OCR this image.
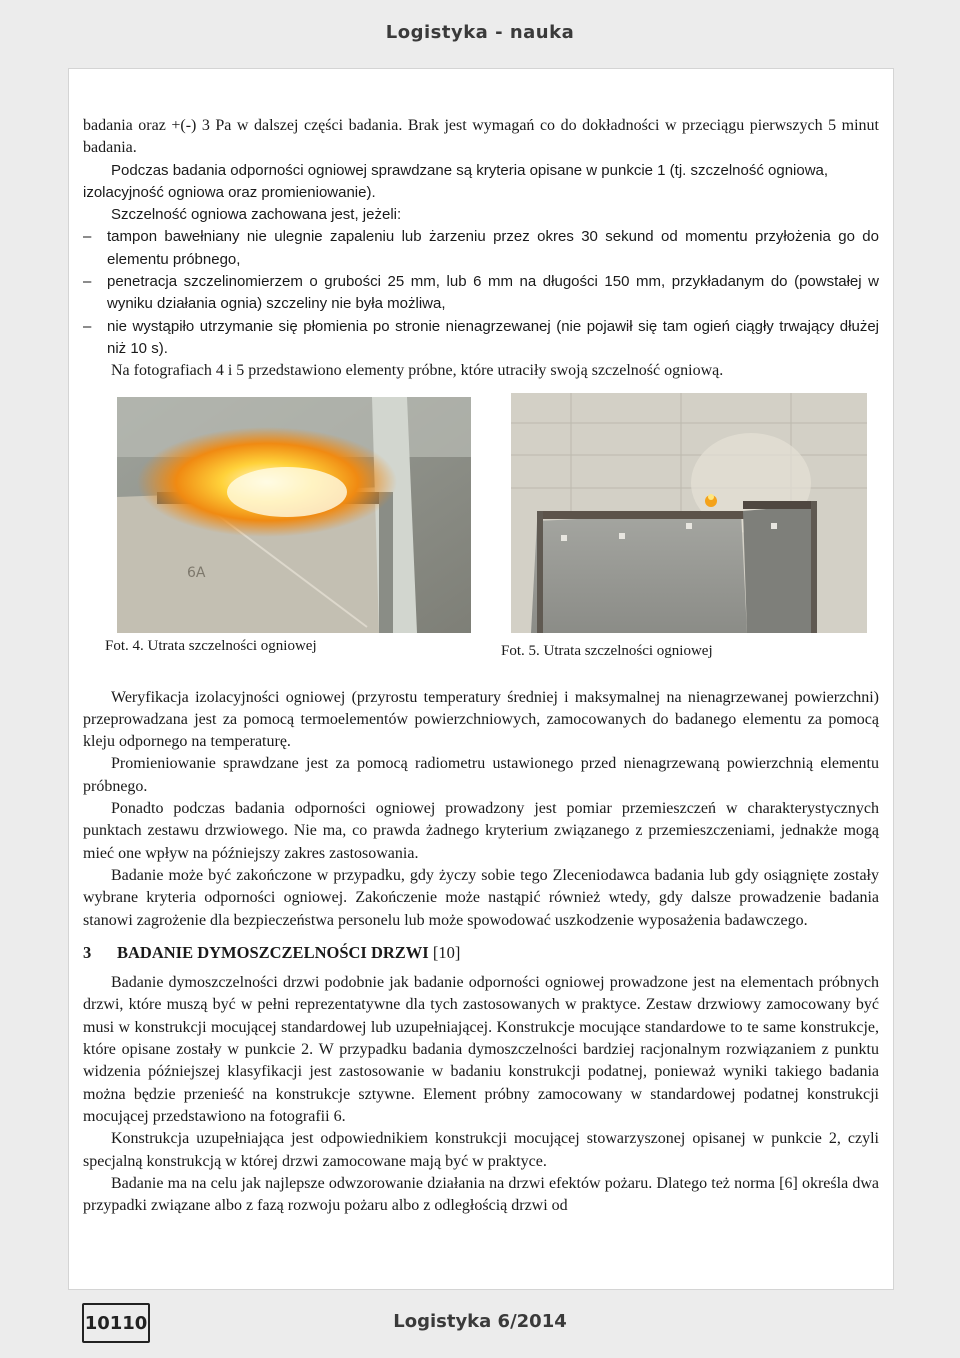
Logistyka - nauka

badania oraz +(-) 3 Pa w dalszej części badania. Brak jest wymagań co do dokładności w przeciągu pierwszych 5 minut badania.

Podczas badania odporności ogniowej sprawdzane są kryteria opisane w punkcie 1 (tj. szczelność ogniowa, izolacyjność ogniowa oraz promieniowanie).

Szczelność ogniowa zachowana jest, jeżeli:

– tampon bawełniany nie ulegnie zapaleniu lub żarzeniu przez okres 30 sekund od momentu przyłożenia go do elementu próbnego,
– penetracja szczelinomierzem o grubości 25 mm, lub 6 mm na długości 150 mm, przykładanym do (powstałej w wyniku działania ognia) szczeliny nie była możliwa,
– nie wystąpiło utrzymanie się płomienia po stronie nienagrzewanej (nie pojawił się tam ogień ciągły trwający dłużej niż 10 s).

Na fotografiach 4 i 5 przedstawiono elementy próbne, które utraciły swoją szczelność ogniową.

6A
Fot. 4. Utrata szczelności ogniowej	Fot. 5. Utrata szczelności ogniowej

Weryfikacja izolacyjności ogniowej (przyrostu temperatury średniej i maksymalnej na nienagrzewanej powierzchni) przeprowadzana jest za pomocą termoelementów powierzchniowych, zamocowanych do badanego elementu za pomocą kleju odpornego na temperaturę.

Promieniowanie sprawdzane jest za pomocą radiometru ustawionego przed nienagrzewaną powierzchnią elementu próbnego.

Ponadto podczas badania odporności ogniowej prowadzony jest pomiar przemieszczeń w charakterystycznych punktach zestawu drzwiowego. Nie ma, co prawda żadnego kryterium związanego z przemieszczeniami, jednakże mogą mieć one wpływ na późniejszy zakres zastosowania.

Badanie może być zakończone w przypadku, gdy życzy sobie tego Zleceniodawca badania lub gdy osiągnięte zostały wybrane kryteria odporności ogniowej. Zakończenie może nastąpić również wtedy, gdy dalsze prowadzenie badania stanowi zagrożenie dla bezpieczeństwa personelu lub może spowodować uszkodzenie wyposażenia badawczego.

3 BADANIE DYMOSZCZELNOŚCI DRZWI [10]

Badanie dymoszczelności drzwi podobnie jak badanie odporności ogniowej prowadzone jest na elementach próbnych drzwi, które muszą być w pełni reprezentatywne dla tych zastosowanych w praktyce. Zestaw drzwiowy zamocowany być musi w konstrukcji mocującej standardowej lub uzupełniającej. Konstrukcje mocujące standardowe to te same konstrukcje, które opisane zostały w punkcie 2. W przypadku badania dymoszczelności bardziej racjonalnym rozwiązaniem z punktu widzenia późniejszej klasyfikacji jest zastosowanie w badaniu konstrukcji podatnej, ponieważ wyniki takiego badania można będzie przenieść na konstrukcje sztywne. Element próbny zamocowany w standardowej podatnej konstrukcji mocującej przedstawiono na fotografii 6.

Konstrukcja uzupełniająca jest odpowiednikiem konstrukcji mocującej stowarzyszonej opisanej w punkcie 2, czyli specjalną konstrukcją w której drzwi zamocowane mają być w praktyce.

Badanie ma na celu jak najlepsze odwzorowanie działania na drzwi efektów pożaru. Dlatego też norma [6] określa dwa przypadki związane albo z fazą rozwoju pożaru albo z odległością drzwi od

10110	Logistyka 6/2014
